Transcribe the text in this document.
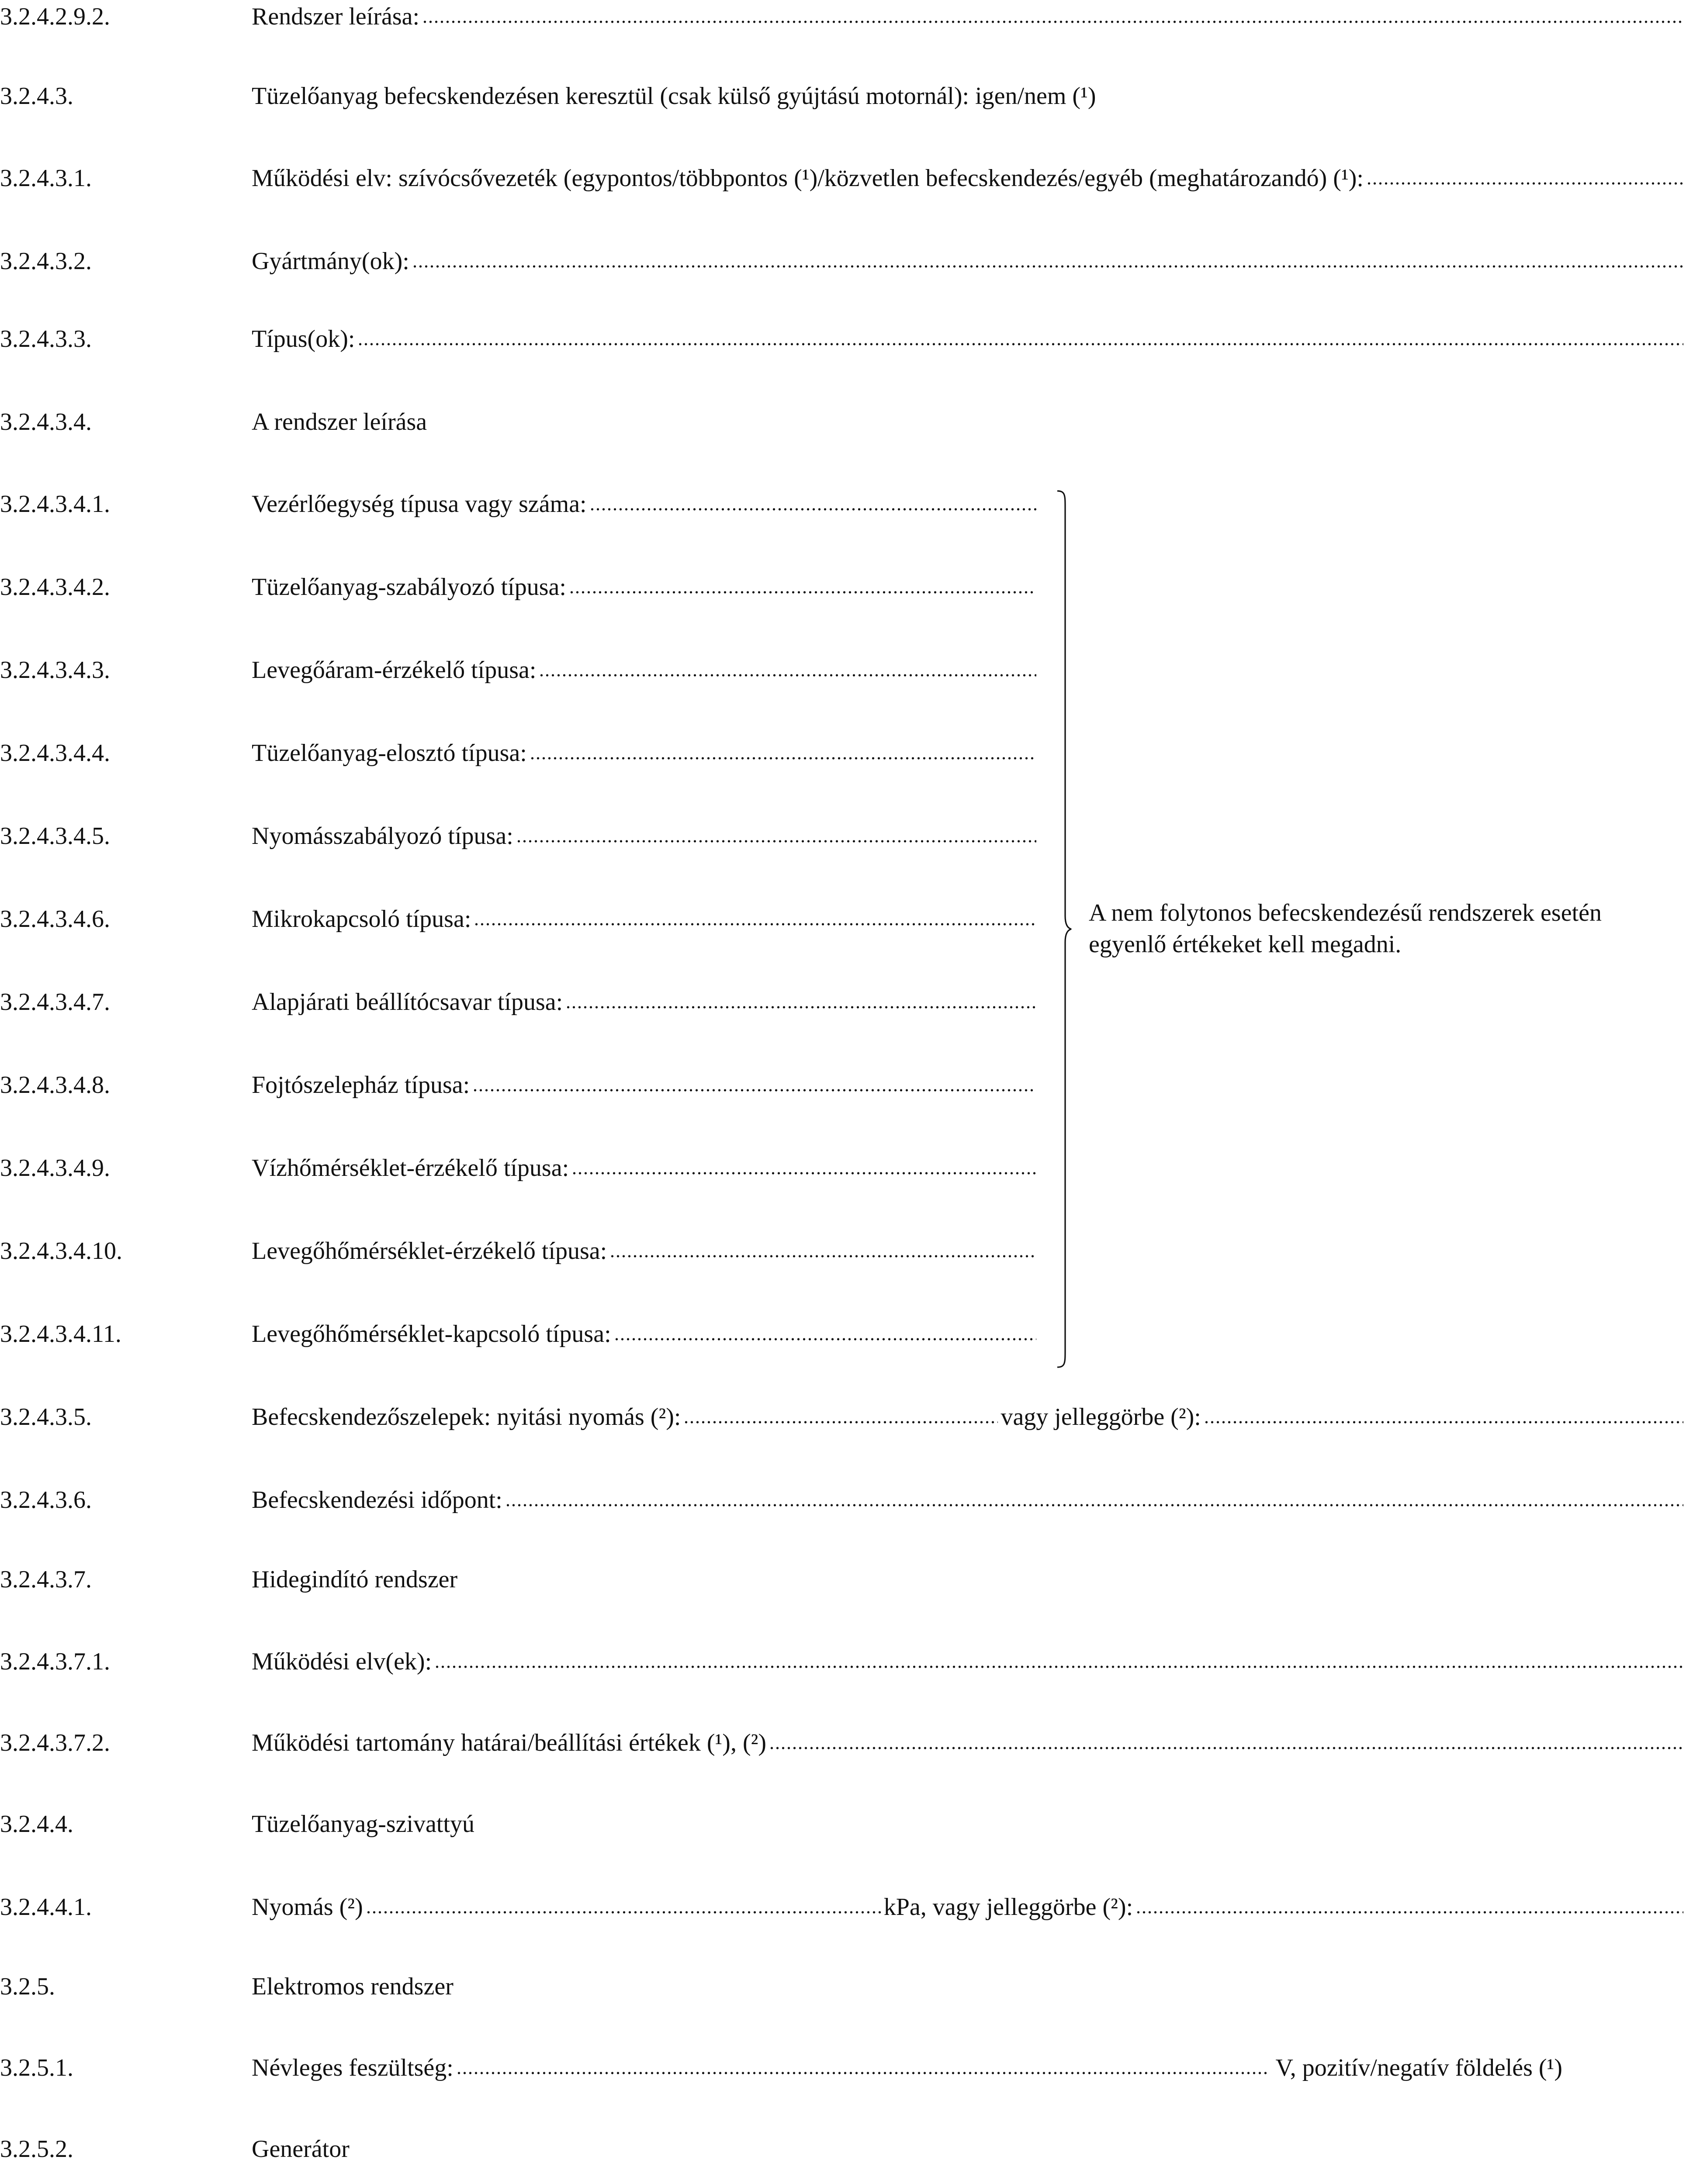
3.2.4.2.9.2.	Rendszer leírása:
3.2.4.3.	Tüzelőanyag befecskendezésen keresztül (csak külső gyújtású motornál): igen/nem (¹)
3.2.4.3.1.	Működési elv: szívócsővezeték (egypontos/többpontos (¹)/közvetlen befecskendezés/egyéb (meghatározandó) (¹):
3.2.4.3.2.	Gyártmány(ok):
3.2.4.3.3.	Típus(ok):
3.2.4.3.4.	A rendszer leírása
3.2.4.3.4.1.	Vezérlőegység típusa vagy száma:
3.2.4.3.4.2.	Tüzelőanyag-szabályozó típusa:
3.2.4.3.4.3.	Levegőáram-érzékelő típusa:
3.2.4.3.4.4.	Tüzelőanyag-elosztó típusa:
3.2.4.3.4.5.	Nyomásszabályozó típusa:
3.2.4.3.4.6.	Mikrokapcsoló típusa:
3.2.4.3.4.7.	Alapjárati beállítócsavar típusa:
3.2.4.3.4.8.	Fojtószelepház típusa:
3.2.4.3.4.9.	Vízhőmérséklet-érzékelő típusa:
3.2.4.3.4.10.	Levegőhőmérséklet-érzékelő típusa:
3.2.4.3.4.11.	Levegőhőmérséklet-kapcsoló típusa:
A nem folytonos befecskendezésű rendszerek esetén egyenlő értékeket kell megadni.
3.2.4.3.5.	Befecskendezőszelepek: nyitási nyomás (²):	vagy jelleggörbe (²):
3.2.4.3.6.	Befecskendezési időpont:
3.2.4.3.7.	Hidegindító rendszer
3.2.4.3.7.1.	Működési elv(ek):
3.2.4.3.7.2.	Működési tartomány határai/beállítási értékek (¹), (²)
3.2.4.4.	Tüzelőanyag-szivattyú
3.2.4.4.1.	Nyomás (²)	kPa, vagy jelleggörbe (²):
3.2.5.	Elektromos rendszer
3.2.5.1.	Névleges feszültség:	V, pozitív/negatív földelés (¹)
3.2.5.2.	Generátor
